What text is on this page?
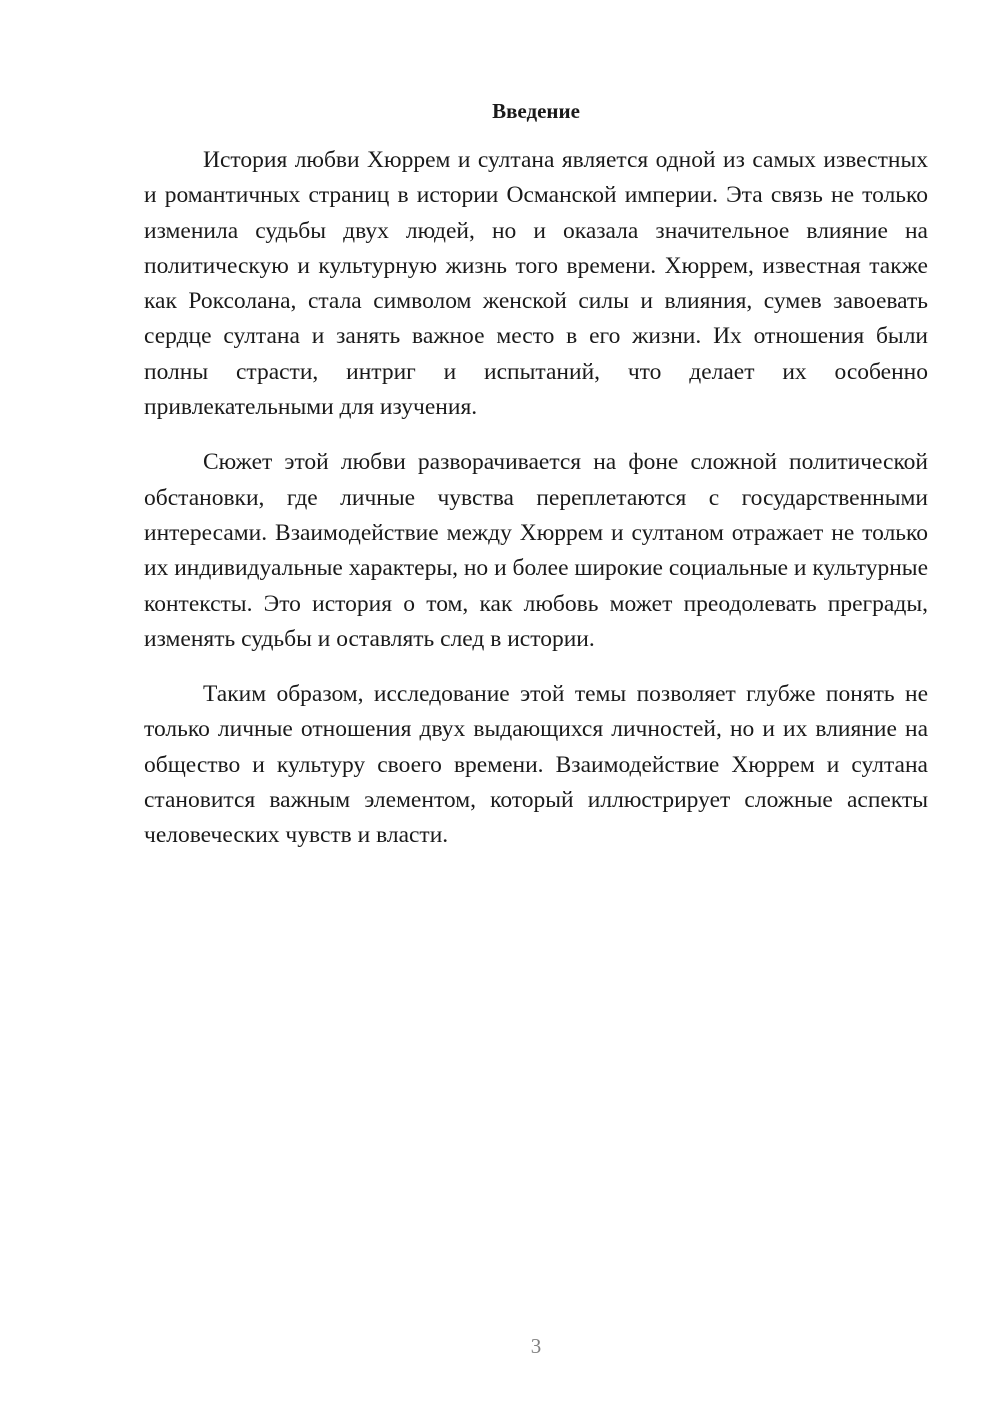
Введение

История любви Хюррем и султана является одной из самых известных и романтичных страниц в истории Османской империи. Эта связь не только изменила судьбы двух людей, но и оказала значительное влияние на политическую и культурную жизнь того времени. Хюррем, известная также как Роксолана, стала символом женской силы и влияния, сумев завоевать сердце султана и занять важное место в его жизни. Их отношения были полны страсти, интриг и испытаний, что делает их особенно привлекательными для изучения.

Сюжет этой любви разворачивается на фоне сложной политической обстановки, где личные чувства переплетаются с государственными интересами. Взаимодействие между Хюррем и султаном отражает не только их индивидуальные характеры, но и более широкие социальные и культурные контексты. Это история о том, как любовь может преодолевать преграды, изменять судьбы и оставлять след в истории.

Таким образом, исследование этой темы позволяет глубже понять не только личные отношения двух выдающихся личностей, но и их влияние на общество и культуру своего времени. Взаимодействие Хюррем и султана становится важным элементом, который иллюстрирует сложные аспекты человеческих чувств и власти.

3
